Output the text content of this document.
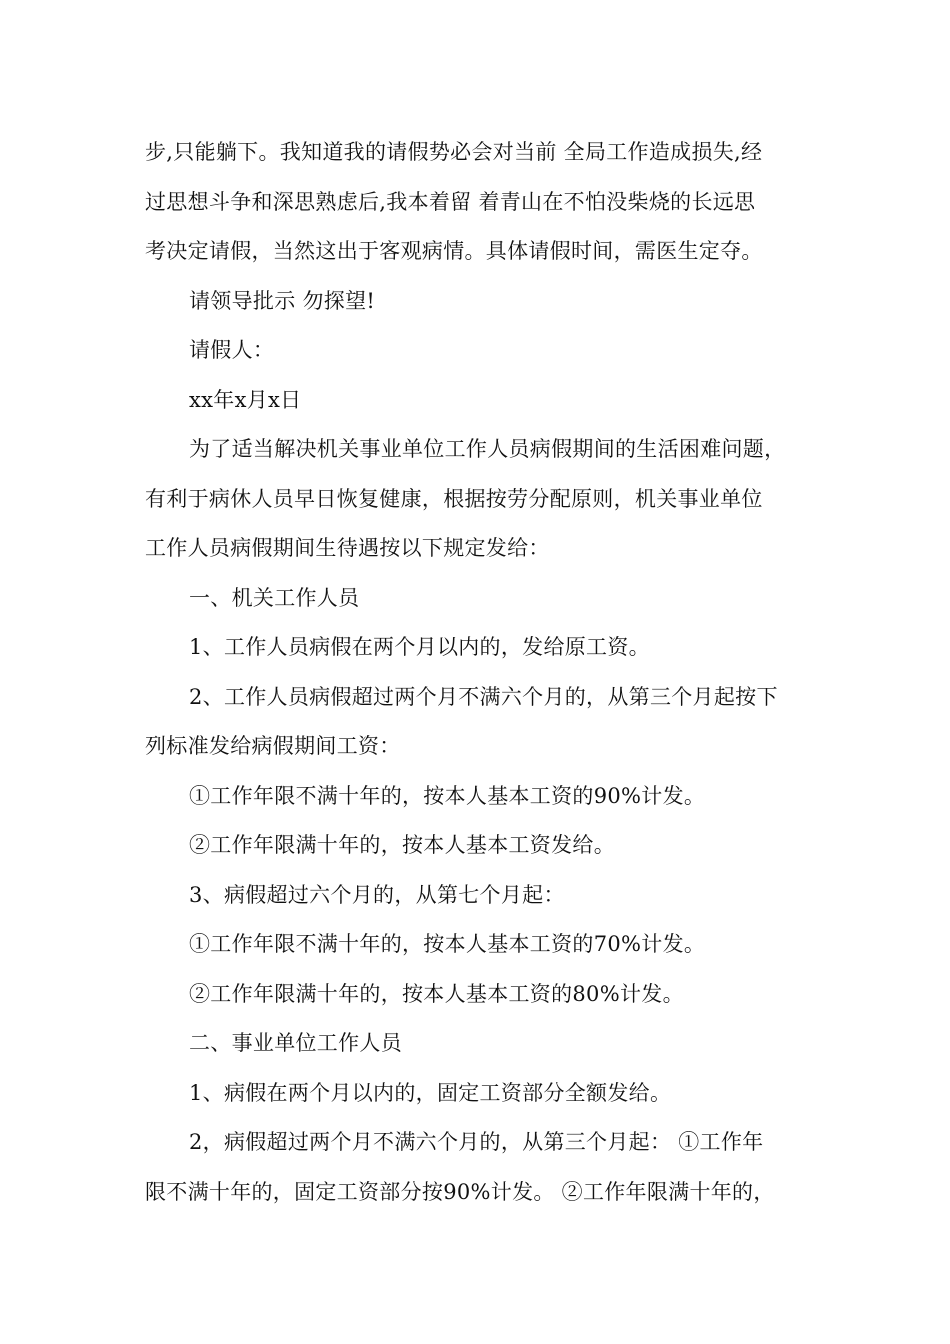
步,只能躺下。我知道我的请假势必会对当前 全局工作造成损失,经
过思想斗争和深思熟虑后,我本着留 着青山在不怕没柴烧的长远思
考决定请假，当然这出于客观病情。具体请假时间，需医生定夺。
请领导批示 勿探望!
请假人：
xx年x月x日
为了适当解决机关事业单位工作人员病假期间的生活困难问题，
有利于病休人员早日恢复健康，根据按劳分配原则，机关事业单位
工作人员病假期间生待遇按以下规定发给：
一、机关工作人员
1、工作人员病假在两个月以内的，发给原工资。
2、工作人员病假超过两个月不满六个月的，从第三个月起按下
列标准发给病假期间工资：
①工作年限不满十年的，按本人基本工资的90%计发。
②工作年限满十年的，按本人基本工资发给。
3、病假超过六个月的，从第七个月起：
①工作年限不满十年的，按本人基本工资的70%计发。
②工作年限满十年的，按本人基本工资的80%计发。
二、事业单位工作人员
1、病假在两个月以内的，固定工资部分全额发给。
2，病假超过两个月不满六个月的，从第三个月起： ①工作年
限不满十年的，固定工资部分按90%计发。 ②工作年限满十年的，
